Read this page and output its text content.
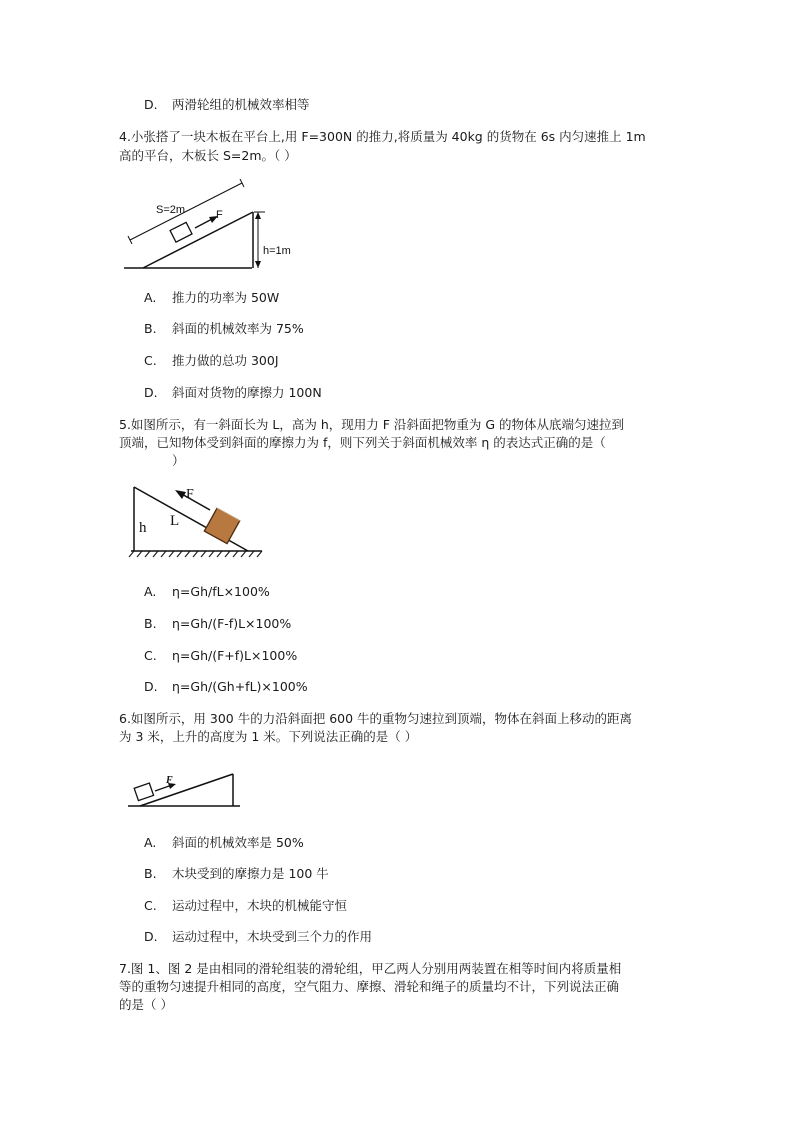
D. 两滑轮组的机械效率相等
4.小张搭了一块木板在平台上,用 F=300N 的推力,将质量为 40kg 的货物在 6s 内匀速推上 1m
高的平台，木板长 S=2m。（ ）
S=2m	F
h=1m
A. 推力的功率为 50W
B. 斜面的机械效率为 75%
C. 推力做的总功 300J
D. 斜面对货物的摩擦力 100N
5.如图所示，有一斜面长为 L，高为 h，现用力 F 沿斜面把物重为 G 的物体从底端匀速拉到
顶端，已知物体受到斜面的摩擦力为 f，则下列关于斜面机械效率 η 的表达式正确的是（
）
F
L
h
A. η=Gh/fL×100%
B. η=Gh/(F-f)L×100%
C. η=Gh/(F+f)L×100%
D. η=Gh/(Gh+fL)×100%
6.如图所示，用 300 牛的力沿斜面把 600 牛的重物匀速拉到顶端，物体在斜面上移动的距离
为 3 米，上升的高度为 1 米。下列说法正确的是（ ）
F
A. 斜面的机械效率是 50%
B. 木块受到的摩擦力是 100 牛
C. 运动过程中，木块的机械能守恒
D. 运动过程中，木块受到三个力的作用
7.图 1、图 2 是由相同的滑轮组装的滑轮组，甲乙两人分别用两装置在相等时间内将质量相
等的重物匀速提升相同的高度，空气阻力、摩擦、滑轮和绳子的质量均不计，下列说法正确
的是（ ）
